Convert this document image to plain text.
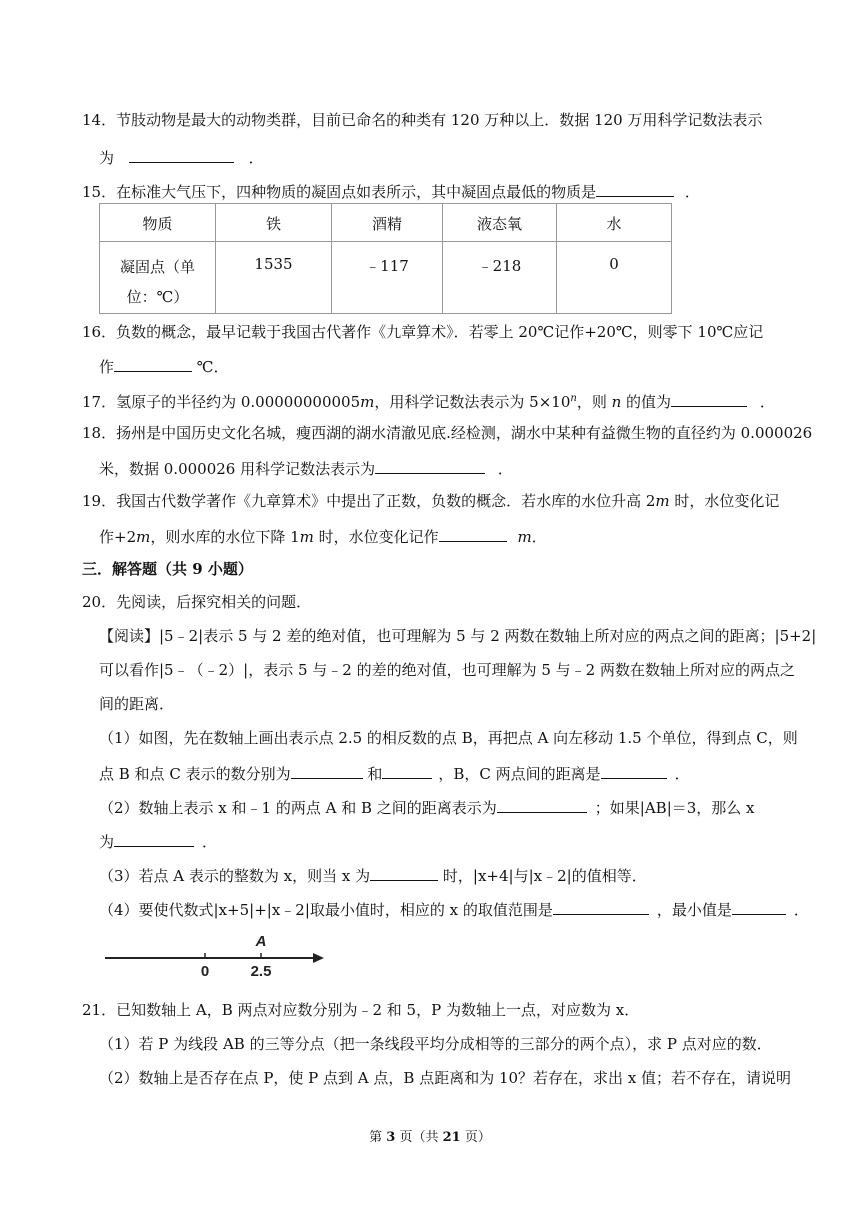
14．节肢动物是最大的动物类群，目前已命名的种类有 120 万种以上．数据 120 万用科学记数法表示
为	．
15．在标准大气压下，四种物质的凝固点如表所示，其中凝固点最低的物质是	．
物质	铁	酒精	液态氧	水
凝固点（单
位：℃）	1535	﹣117	﹣218	0
16．负数的概念，最早记载于我国古代著作《九章算术》．若零上 20℃记作+20℃，则零下 10℃应记
作	℃．
17．氢原子的半径约为 0.00000000005m，用科学记数法表示为 $5\times 10^n$，则 n 的值为	．
18．扬州是中国历史文化名城，瘦西湖的湖水清澈见底.经检测，湖水中某种有益微生物的直径约为 0.000026
米，数据 0.000026 用科学记数法表示为	．
19．我国古代数学著作《九章算术》中提出了正数，负数的概念．若水库的水位升高 2m 时，水位变化记
作+2m，则水库的水位下降 1m 时，水位变化记作	m．
三．解答题（共 9 小题）
20．先阅读，后探究相关的问题．
【阅读】|5﹣2|表示 5 与 2 差的绝对值，也可理解为 5 与 2 两数在数轴上所对应的两点之间的距离；|5+2|
可以看作|5﹣（﹣2）|，表示 5 与﹣2 的差的绝对值，也可理解为 5 与﹣2 两数在数轴上所对应的两点之
间的距离．
（1）如图，先在数轴上画出表示点 2.5 的相反数的点 B，再把点 A 向左移动 1.5 个单位，得到点 C，则
点 B 和点 C 表示的数分别为	和	，B，C 两点间的距离是	．
（2）数轴上表示 x 和﹣1 的两点 A 和 B 之间的距离表示为	；如果|AB|＝3，那么 x
为	．
（3）若点 A 表示的整数为 x，则当 x 为	时，|x+4|与|x﹣2|的值相等．
（4）要使代数式|x+5|+|x﹣2|取最小值时，相应的 x 的取值范围是	，最小值是	．
A
0	2.5
21．已知数轴上 A，B 两点对应数分别为﹣2 和 5，P 为数轴上一点，对应数为 x．
（1）若 P 为线段 AB 的三等分点（把一条线段平均分成相等的三部分的两个点），求 P 点对应的数．
（2）数轴上是否存在点 P，使 P 点到 A 点，B 点距离和为 10？若存在，求出 x 值；若不存在，请说明
第 3 页（共 21 页）
